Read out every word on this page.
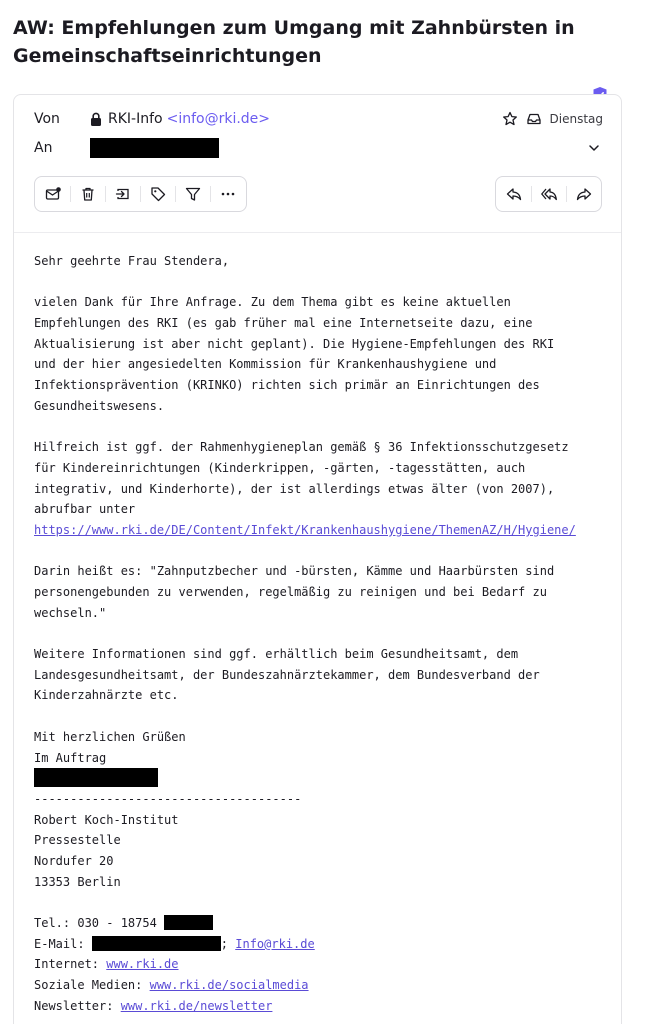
AW: Empfehlungen zum Umgang mit Zahnbürsten in Gemeinschaftseinrichtungen
Von	RKI-Info <info@rki.de>
An
Dienstag
Sehr geehrte Frau Stendera,
vielen Dank für Ihre Anfrage. Zu dem Thema gibt es keine aktuellen
Empfehlungen des RKI (es gab früher mal eine Internetseite dazu, eine
Aktualisierung ist aber nicht geplant). Die Hygiene-Empfehlungen des RKI
und der hier angesiedelten Kommission für Krankenhaushygiene und
Infektionsprävention (KRINKO) richten sich primär an Einrichtungen des
Gesundheitswesens.
Hilfreich ist ggf. der Rahmenhygieneplan gemäß § 36 Infektionsschutzgesetz
für Kindereinrichtungen (Kinderkrippen, -gärten, -tagesstätten, auch
integrativ, und Kinderhorte), der ist allerdings etwas älter (von 2007),
abrufbar unter
https://www.rki.de/DE/Content/Infekt/Krankenhaushygiene/ThemenAZ/H/Hygiene/
Darin heißt es: "Zahnputzbecher und -bürsten, Kämme und Haarbürsten sind
personengebunden zu verwenden, regelmäßig zu reinigen und bei Bedarf zu
wechseln."
Weitere Informationen sind ggf. erhältlich beim Gesundheitsamt, dem
Landesgesundheitsamt, der Bundeszahnärztekammer, dem Bundesverband der
Kinderzahnärzte etc.
Mit herzlichen Grüßen
Im Auftrag
-------------------------------------
Robert Koch-Institut
Pressestelle
Nordufer 20
13353 Berlin
Tel.: 030 - 18754
E-Mail:	; Info@rki.de
Internet: www.rki.de
Soziale Medien: www.rki.de/socialmedia
Newsletter: www.rki.de/newsletter
